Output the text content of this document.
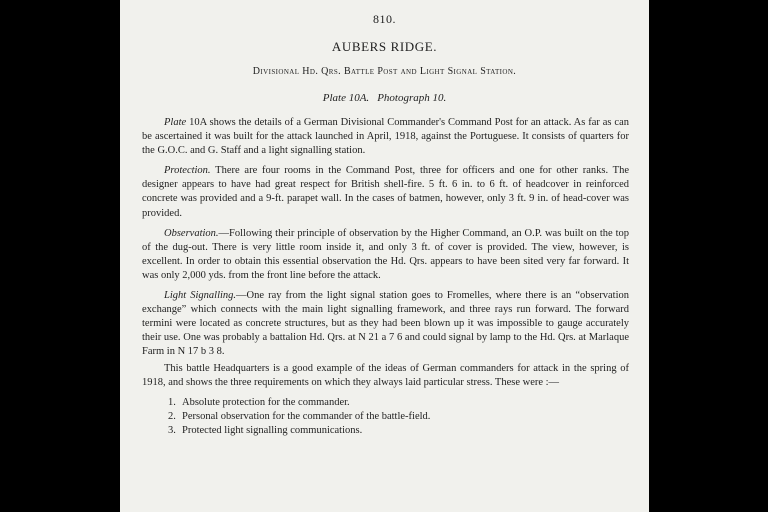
810.
AUBERS RIDGE.
Divisional Hd. Qrs. Battle Post and Light Signal Station.
Plate 10A. Photograph 10.

Plate 10A shows the details of a German Divisional Commander's Command Post for an attack. As far as can be ascertained it was built for the attack launched in April, 1918, against the Portuguese. It consists of quarters for the G.O.C. and G. Staff and a light signalling station.

Protection. There are four rooms in the Command Post, three for officers and one for other ranks. The designer appears to have had great respect for British shell-fire. 5 ft. 6 in. to 6 ft. of headcover in reinforced concrete was provided and a 9-ft. parapet wall. In the cases of batmen, however, only 3 ft. 9 in. of head-cover was provided.

Observation.—Following their principle of observation by the Higher Command, an O.P. was built on the top of the dug-out. There is very little room inside it, and only 3 ft. of cover is provided. The view, however, is excellent. In order to obtain this essential observation the Hd. Qrs. appears to have been sited very far forward. It was only 2,000 yds. from the front line before the attack.

Light Signalling.—One ray from the light signal station goes to Fromelles, where there is an “observation exchange” which connects with the main light signalling framework, and three rays run forward. The forward termini were located as concrete structures, but as they had been blown up it was impossible to gauge accurately their use. One was probably a battalion Hd. Qrs. at N 21 a 7 6 and could signal by lamp to the Hd. Qrs. at Marlaque Farm in N 17 b 3 8.

This battle Headquarters is a good example of the ideas of German commanders for attack in the spring of 1918, and shows the three requirements on which they always laid particular stress. These were :—

1. Absolute protection for the commander.
2. Personal observation for the commander of the battle-field.
3. Protected light signalling communications.
